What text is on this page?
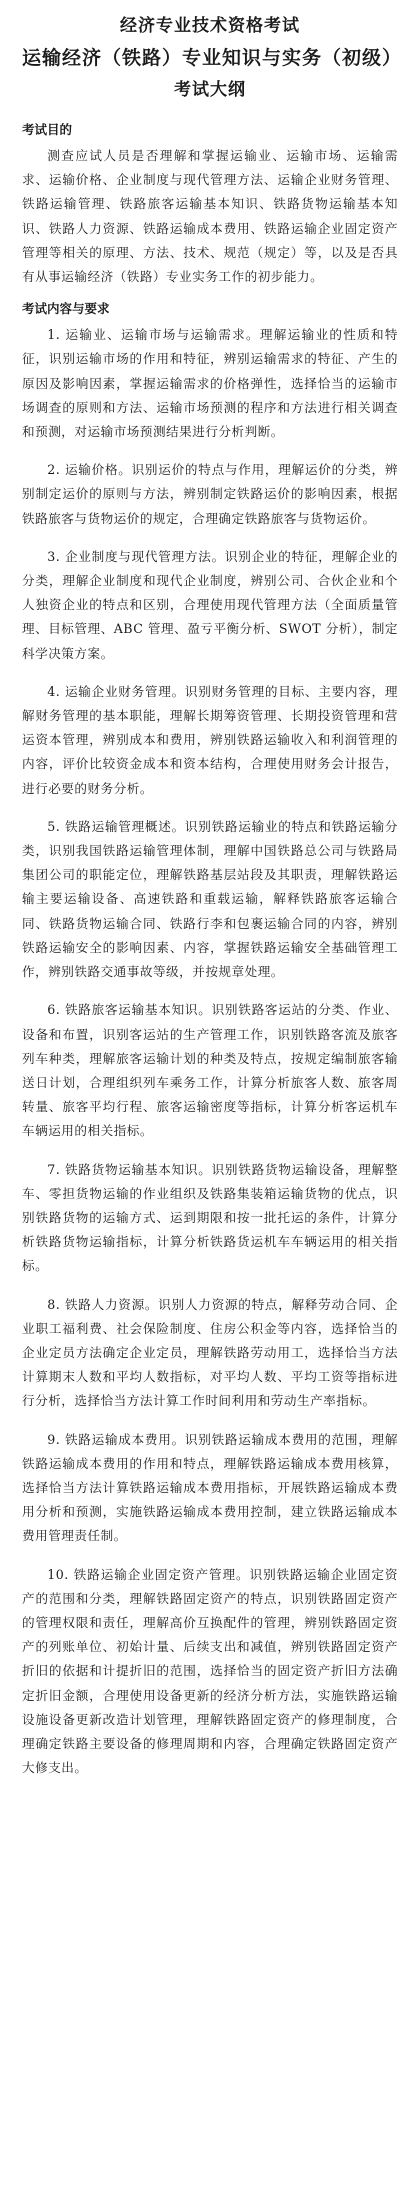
经济专业技术资格考试
运输经济（铁路）专业知识与实务（初级）
考试大纲
考试目的

测查应试人员是否理解和掌握运输业、运输市场、运输需求、运输价格、企业制度与现代管理方法、运输企业财务管理、铁路运输管理、铁路旅客运输基本知识、铁路货物运输基本知识、铁路人力资源、铁路运输成本费用、铁路运输企业固定资产管理等相关的原理、方法、技术、规范（规定）等，以及是否具有从事运输经济（铁路）专业实务工作的初步能力。

考试内容与要求

1. 运输业、运输市场与运输需求。理解运输业的性质和特征，识别运输市场的作用和特征，辨别运输需求的特征、产生的原因及影响因素，掌握运输需求的价格弹性，选择恰当的运输市场调查的原则和方法、运输市场预测的程序和方法进行相关调查和预测，对运输市场预测结果进行分析判断。

2. 运输价格。识别运价的特点与作用，理解运价的分类，辨别制定运价的原则与方法，辨别制定铁路运价的影响因素，根据铁路旅客与货物运价的规定，合理确定铁路旅客与货物运价。

3. 企业制度与现代管理方法。识别企业的特征，理解企业的分类，理解企业制度和现代企业制度，辨别公司、合伙企业和个人独资企业的特点和区别，合理使用现代管理方法（全面质量管理、目标管理、ABC 管理、盈亏平衡分析、SWOT 分析），制定科学决策方案。

4. 运输企业财务管理。识别财务管理的目标、主要内容，理解财务管理的基本职能，理解长期筹资管理、长期投资管理和营运资本管理，辨别成本和费用，辨别铁路运输收入和利润管理的内容，评价比较资金成本和资本结构，合理使用财务会计报告，进行必要的财务分析。

5. 铁路运输管理概述。识别铁路运输业的特点和铁路运输分类，识别我国铁路运输管理体制，理解中国铁路总公司与铁路局集团公司的职能定位，理解铁路基层站段及其职责，理解铁路运输主要运输设备、高速铁路和重载运输，解释铁路旅客运输合同、铁路货物运输合同、铁路行李和包裹运输合同的内容，辨别铁路运输安全的影响因素、内容，掌握铁路运输安全基础管理工作，辨别铁路交通事故等级，并按规章处理。

6. 铁路旅客运输基本知识。识别铁路客运站的分类、作业、设备和布置，识别客运站的生产管理工作，识别铁路客流及旅客列车种类，理解旅客运输计划的种类及特点，按规定编制旅客输送日计划，合理组织列车乘务工作，计算分析旅客人数、旅客周转量、旅客平均行程、旅客运输密度等指标，计算分析客运机车车辆运用的相关指标。

7. 铁路货物运输基本知识。识别铁路货物运输设备，理解整车、零担货物运输的作业组织及铁路集装箱运输货物的优点，识别铁路货物的运输方式、运到期限和按一批托运的条件，计算分析铁路货物运输指标，计算分析铁路货运机车车辆运用的相关指标。

8. 铁路人力资源。识别人力资源的特点，解释劳动合同、企业职工福利费、社会保险制度、住房公积金等内容，选择恰当的企业定员方法确定企业定员，理解铁路劳动用工，选择恰当方法计算期末人数和平均人数指标，对平均人数、平均工资等指标进行分析，选择恰当方法计算工作时间利用和劳动生产率指标。

9. 铁路运输成本费用。识别铁路运输成本费用的范围，理解铁路运输成本费用的作用和特点，理解铁路运输成本费用核算，选择恰当方法计算铁路运输成本费用指标，开展铁路运输成本费用分析和预测，实施铁路运输成本费用控制，建立铁路运输成本费用管理责任制。

10. 铁路运输企业固定资产管理。识别铁路运输企业固定资产的范围和分类，理解铁路固定资产的特点，识别铁路固定资产的管理权限和责任，理解高价互换配件的管理，辨别铁路固定资产的列账单位、初始计量、后续支出和减值，辨别铁路固定资产折旧的依据和计提折旧的范围，选择恰当的固定资产折旧方法确定折旧金额，合理使用设备更新的经济分析方法，实施铁路运输设施设备更新改造计划管理，理解铁路固定资产的修理制度，合理确定铁路主要设备的修理周期和内容，合理确定铁路固定资产大修支出。
